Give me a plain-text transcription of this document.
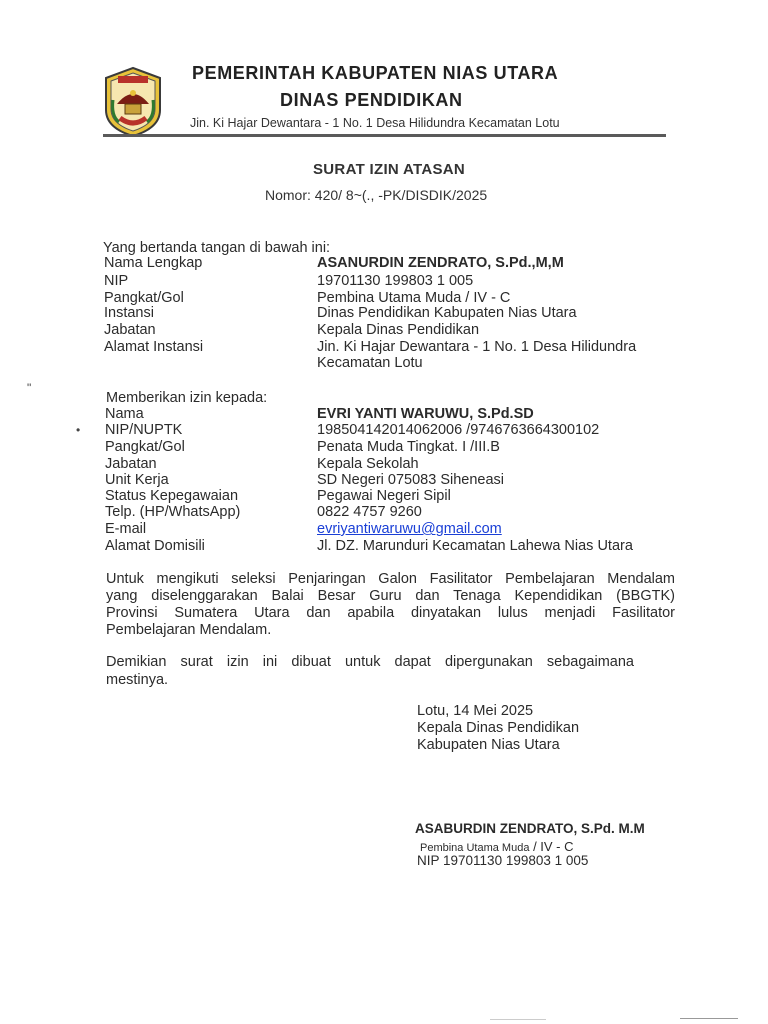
PEMERINTAH KABUPATEN NIAS UTARA
DINAS PENDIDIKAN
Jin. Ki Hajar Dewantara - 1 No. 1 Desa Hilidundra Kecamatan Lotu
SURAT IZIN ATASAN
Nomor: 420/ 8~(., -PK/DISDIK/2025
Yang bertanda tangan di bawah ini:
Nama Lengkap	ASANURDIN ZENDRATO, S.Pd.,M,M
NIP	19701130 199803 1 005
Pangkat/Gol	Pembina Utama Muda / IV - C
Instansi	Dinas Pendidikan Kabupaten Nias Utara
Jabatan	Kepala Dinas Pendidikan
Alamat Instansi	Jin. Ki Hajar Dewantara - 1 No. 1 Desa Hilidundra
Kecamatan Lotu
"
Memberikan izin kepada:
•
Nama	EVRI YANTI WARUWU, S.Pd.SD
NIP/NUPTK	198504142014062006 /9746763664300102
Pangkat/Gol	Penata Muda Tingkat. I /III.B
Jabatan	Kepala Sekolah
Unit Kerja	SD Negeri 075083 Siheneasi
Status Kepegawaian	Pegawai Negeri Sipil
Telp. (HP/WhatsApp)	0822 4757 9260
E-mail	evriyantiwaruwu@gmail.com
Alamat Domisili	Jl. DZ. Marunduri Kecamatan Lahewa Nias Utara
Untuk mengikuti seleksi Penjaringan Galon Fasilitator Pembelajaran Mendalam
yang diselenggarakan Balai Besar Guru dan Tenaga Kependidikan (BBGTK)
Provinsi Sumatera Utara dan apabila dinyatakan lulus menjadi Fasilitator
Pembelajaran Mendalam.
Demikian surat izin ini dibuat untuk dapat dipergunakan sebagaimana
mestinya.
Lotu, 14 Mei 2025
Kepala Dinas Pendidikan
Kabupaten Nias Utara
ASABURDIN ZENDRATO, S.Pd. M.M
Pembina Utama Muda / IV - C
NIP 19701130 199803 1 005
